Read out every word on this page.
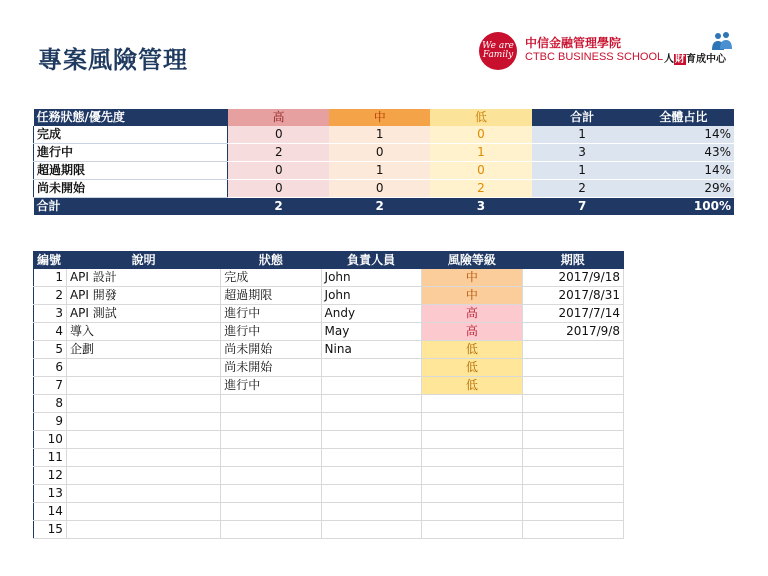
專案風險管理	We are Family
中信金融管理學院
CTBC BUSINESS SCHOOL 人財育成中心
任務狀態/優先度	高	中	低	合計	全體占比
完成	0	1	0	1	14%
進行中	2	0	1	3	43%
超過期限	0	1	0	1	14%
尚未開始	0	0	2	2	29%
合計	2	2	3	7	100%
編號	說明	狀態	負責人員	風險等級	期限
1	API 設計	完成	John	中	2017/9/18
2	API 開發	超過期限	John	中	2017/8/31
3	API 測試	進行中	Andy	高	2017/7/14
4	導入	進行中	May	高	2017/9/8
5	企劃	尚未開始	Nina	低	
6		尚未開始		低	
7		進行中		低	
8					
9					
10					
11					
12					
13					
14					
15					
